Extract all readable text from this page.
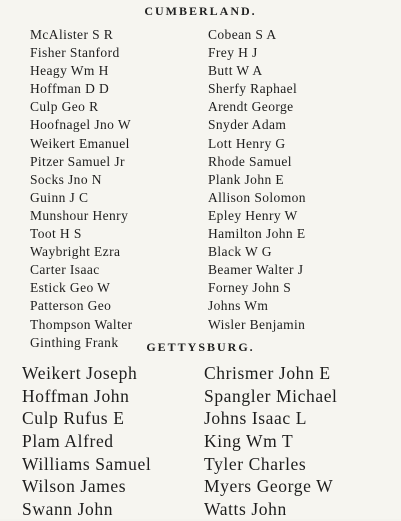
CUMBERLAND.
McAlister S R
Fisher Stanford
Heagy Wm H
Hoffman D D
Culp Geo R
Hoofnagel Jno W
Weikert Emanuel
Pitzer Samuel Jr
Socks Jno N
Guinn J C
Munshour Henry
Toot H S
Waybright Ezra
Carter Isaac
Estick Geo W
Patterson Geo
Thompson Walter
Ginthing Frank
Cobean S A
Frey H J
Butt W A
Sherfy Raphael
Arendt George
Snyder Adam
Lott Henry G
Rhode Samuel
Plank John E
Allison Solomon
Epley Henry W
Hamilton John E
Black W G
Beamer Walter J
Forney John S
Johns Wm
Wisler Benjamin
GETTYSBURG.
Weikert Joseph
Hoffman John
Culp Rufus E
Plam Alfred
Williams Samuel
Wilson James
Swann John
Chrismer John E
Spangler Michael
Johns Isaac L
King Wm T
Tyler Charles
Myers George W
Watts John
